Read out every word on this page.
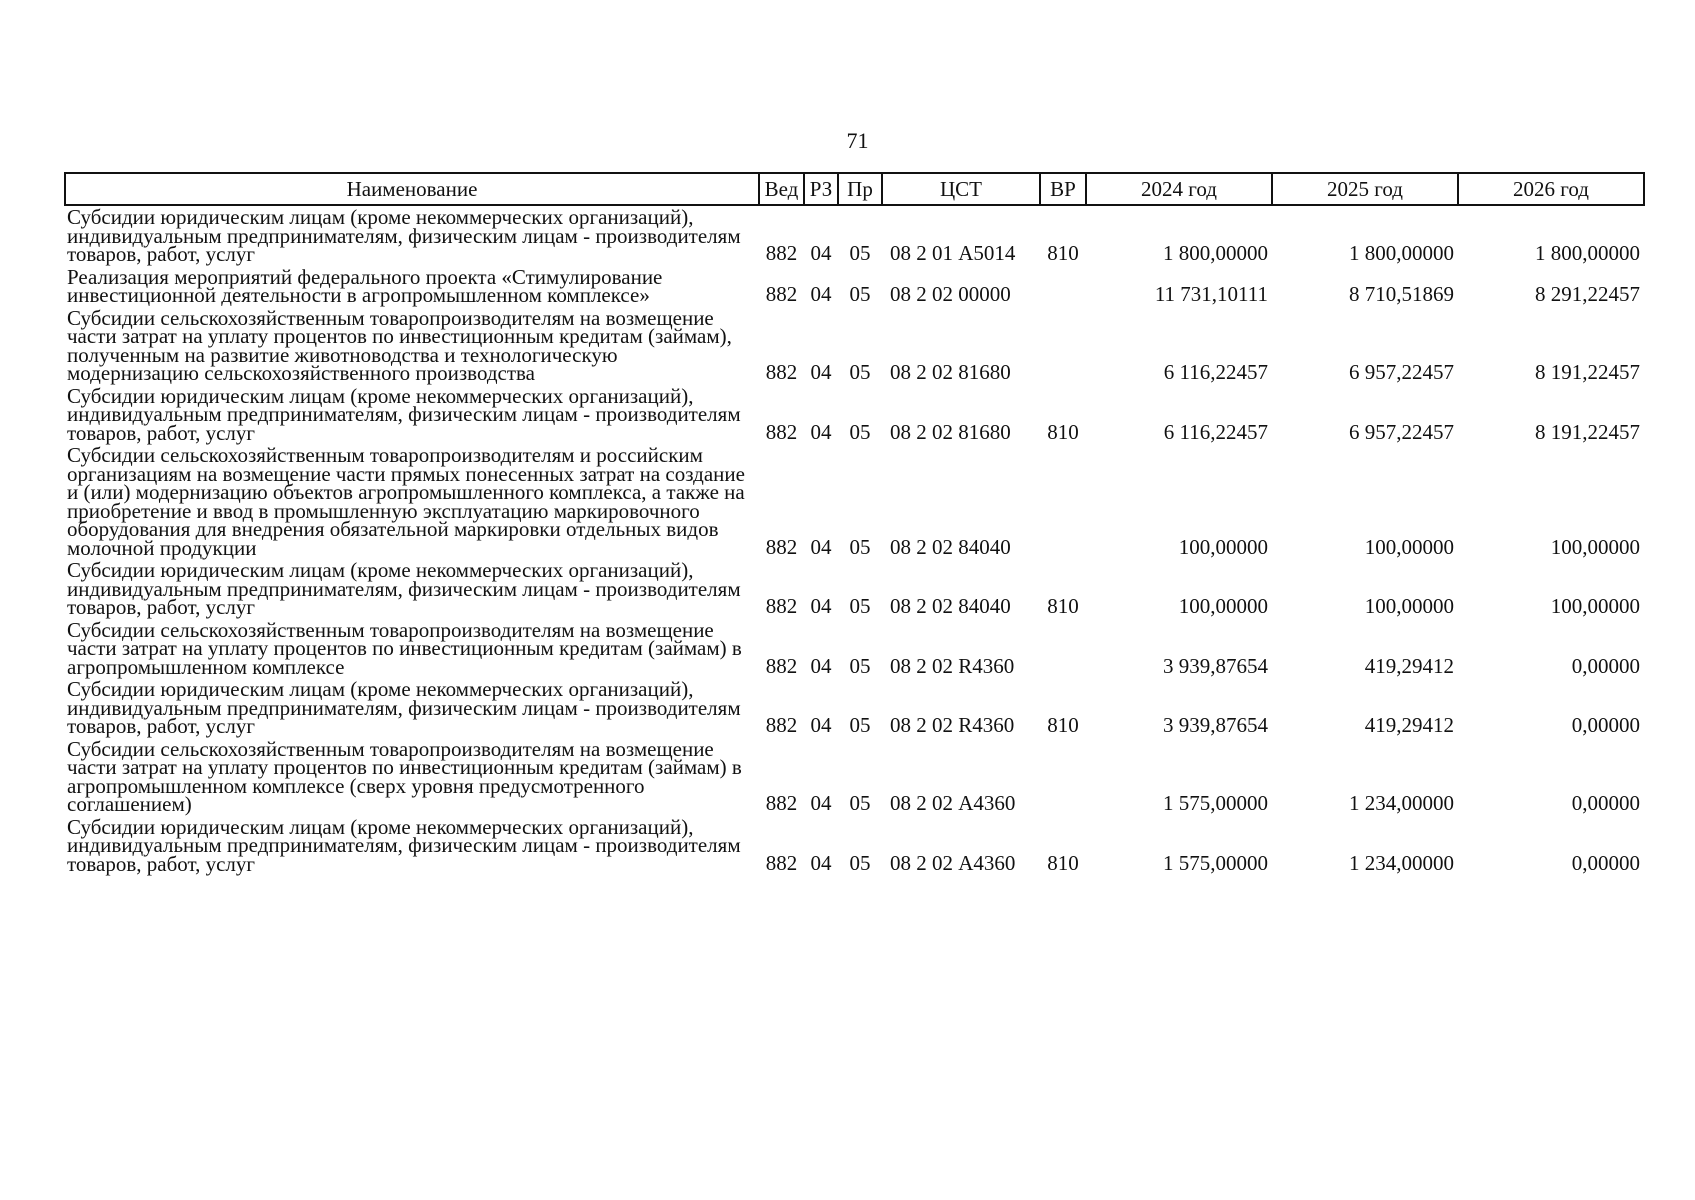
71
Наименование	Вед	РЗ	Пр	ЦСТ	ВР	2024 год	2025 год	2026 год
Субсидии юридическим лицам (кроме некоммерческих организаций), индивидуальным предпринимателям, физическим лицам - производителям товаров, работ, услуг	882	04	05	08 2 01 А5014	810	1 800,00000	1 800,00000	1 800,00000
Реализация мероприятий федерального проекта «Стимулирование инвестиционной деятельности в агропромышленном комплексе»	882	04	05	08 2 02 00000		11 731,10111	8 710,51869	8 291,22457
Субсидии сельскохозяйственным товаропроизводителям на возмещение части затрат на уплату процентов по инвестиционным кредитам (займам), полученным на развитие животноводства и технологическую модернизацию сельскохозяйственного производства	882	04	05	08 2 02 81680		6 116,22457	6 957,22457	8 191,22457
Субсидии юридическим лицам (кроме некоммерческих организаций), индивидуальным предпринимателям, физическим лицам - производителям товаров, работ, услуг	882	04	05	08 2 02 81680	810	6 116,22457	6 957,22457	8 191,22457
Субсидии сельскохозяйственным товаропроизводителям и российским организациям на возмещение части прямых понесенных затрат на создание и (или) модернизацию объектов агропромышленного комплекса, а также на приобретение и ввод в промышленную эксплуатацию маркировочного оборудования для внедрения обязательной маркировки отдельных видов молочной продукции	882	04	05	08 2 02 84040		100,00000	100,00000	100,00000
Субсидии юридическим лицам (кроме некоммерческих организаций), индивидуальным предпринимателям, физическим лицам - производителям товаров, работ, услуг	882	04	05	08 2 02 84040	810	100,00000	100,00000	100,00000
Субсидии сельскохозяйственным товаропроизводителям на возмещение части затрат на уплату процентов по инвестиционным кредитам (займам) в агропромышленном комплексе	882	04	05	08 2 02 R4360		3 939,87654	419,29412	0,00000
Субсидии юридическим лицам (кроме некоммерческих организаций), индивидуальным предпринимателям, физическим лицам - производителям товаров, работ, услуг	882	04	05	08 2 02 R4360	810	3 939,87654	419,29412	0,00000
Субсидии сельскохозяйственным товаропроизводителям на возмещение части затрат на уплату процентов по инвестиционным кредитам (займам) в агропромышленном комплексе (сверх уровня предусмотренного соглашением)	882	04	05	08 2 02 А4360		1 575,00000	1 234,00000	0,00000
Субсидии юридическим лицам (кроме некоммерческих организаций), индивидуальным предпринимателям, физическим лицам - производителям товаров, работ, услуг	882	04	05	08 2 02 А4360	810	1 575,00000	1 234,00000	0,00000
